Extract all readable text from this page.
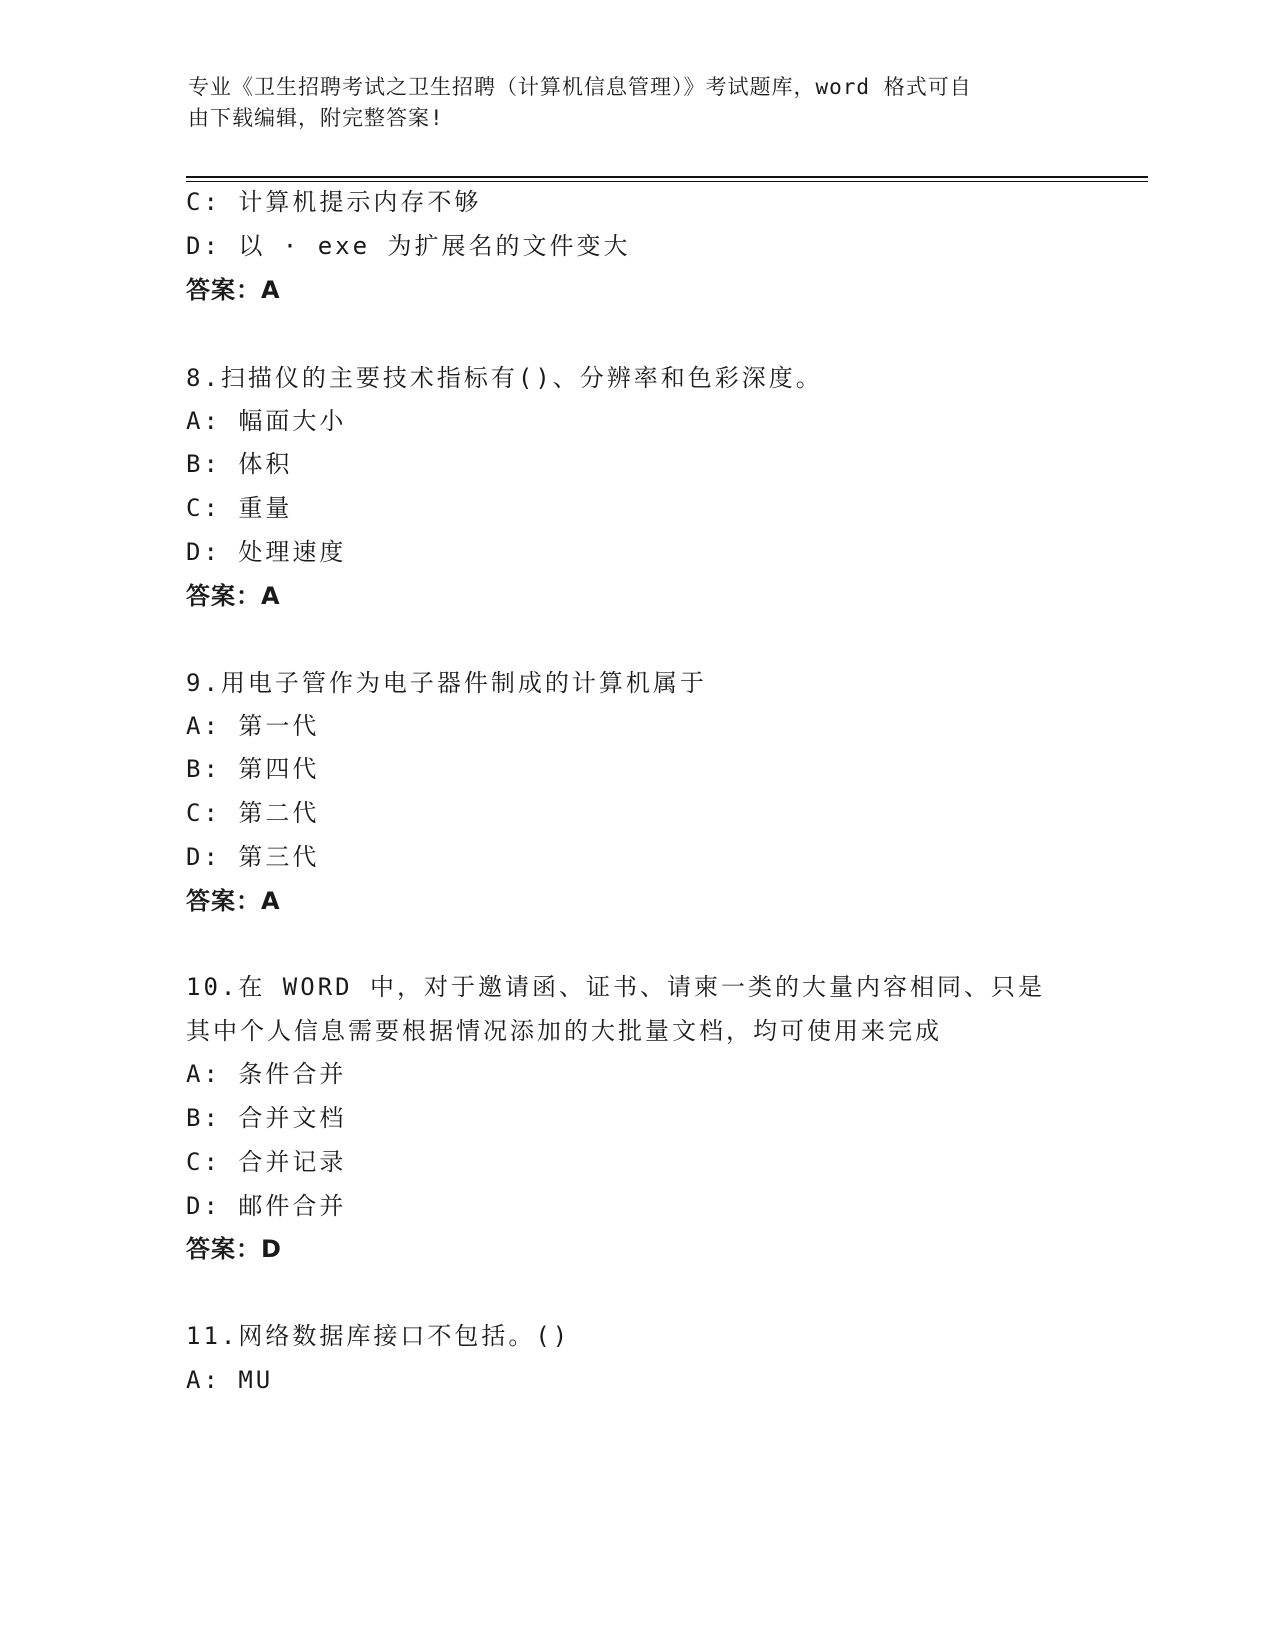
专业《卫生招聘考试之卫生招聘（计算机信息管理）》考试题库，word 格式可自
由下载编辑，附完整答案!
C: 计算机提示内存不够
D: 以 · exe 为扩展名的文件变大
答案：A
8.扫描仪的主要技术指标有()、分辨率和色彩深度。
A: 幅面大小
B: 体积
C: 重量
D: 处理速度
答案：A
9.用电子管作为电子器件制成的计算机属于
A: 第一代
B: 第四代
C: 第二代
D: 第三代
答案：A
10.在 WORD 中，对于邀请函、证书、请柬一类的大量内容相同、只是
其中个人信息需要根据情况添加的大批量文档，均可使用来完成
A: 条件合并
B: 合并文档
C: 合并记录
D: 邮件合并
答案：D
11.网络数据库接口不包括。()
A: MU
